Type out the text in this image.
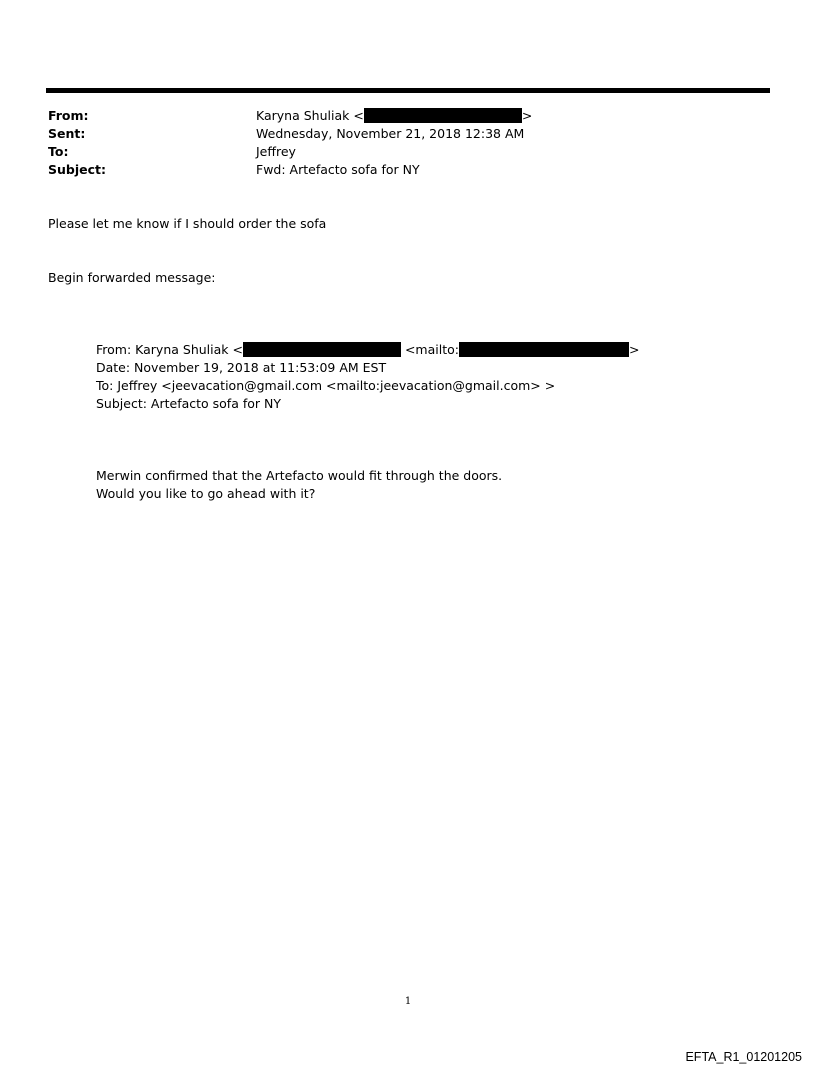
From:	Karyna Shuliak <	>
Sent:	Wednesday, November 21, 2018 12:38 AM
To:	Jeffrey
Subject:	Fwd: Artefacto sofa for NY
Please let me know if I should order the sofa
Begin forwarded message:
From: Karyna Shuliak <	<mailto:	>
Date: November 19, 2018 at 11:53:09 AM EST
To: Jeffrey <jeevacation@gmail.com <mailto:jeevacation@gmail.com> >
Subject: Artefacto sofa for NY
Merwin confirmed that the Artefacto would fit through the doors.
Would you like to go ahead with it?
1
EFTA_R1_01201205
